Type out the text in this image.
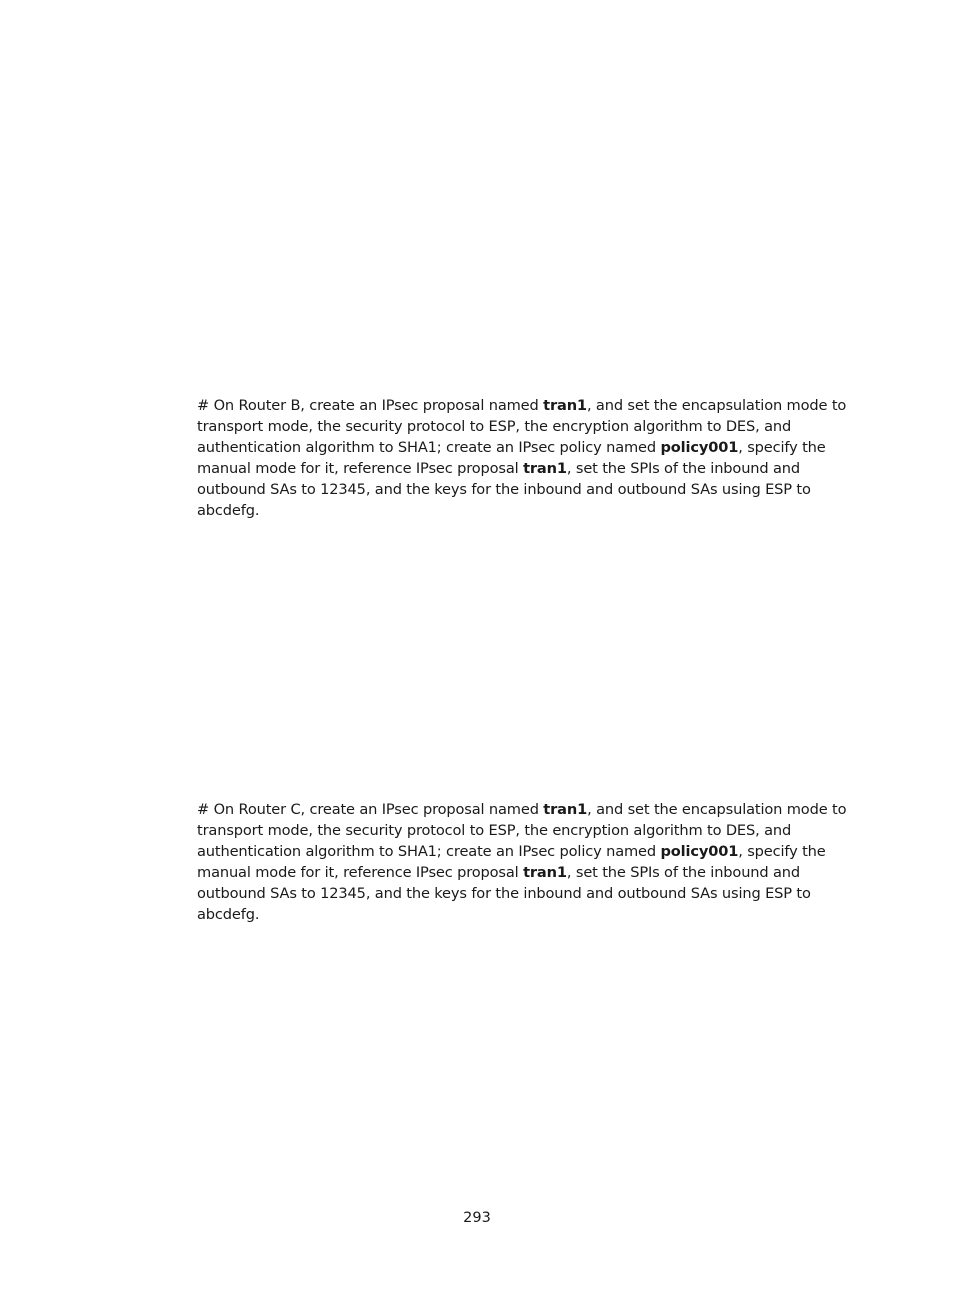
# On Router B, create an IPsec proposal named tran1, and set the encapsulation mode to transport mode, the security protocol to ESP, the encryption algorithm to DES, and authentication algorithm to SHA1; create an IPsec policy named policy001, specify the manual mode for it, reference IPsec proposal tran1, set the SPIs of the inbound and outbound SAs to 12345, and the keys for the inbound and outbound SAs using ESP to abcdefg.

# On Router C, create an IPsec proposal named tran1, and set the encapsulation mode to transport mode, the security protocol to ESP, the encryption algorithm to DES, and authentication algorithm to SHA1; create an IPsec policy named policy001, specify the manual mode for it, reference IPsec proposal tran1, set the SPIs of the inbound and outbound SAs to 12345, and the keys for the inbound and outbound SAs using ESP to abcdefg.

293
